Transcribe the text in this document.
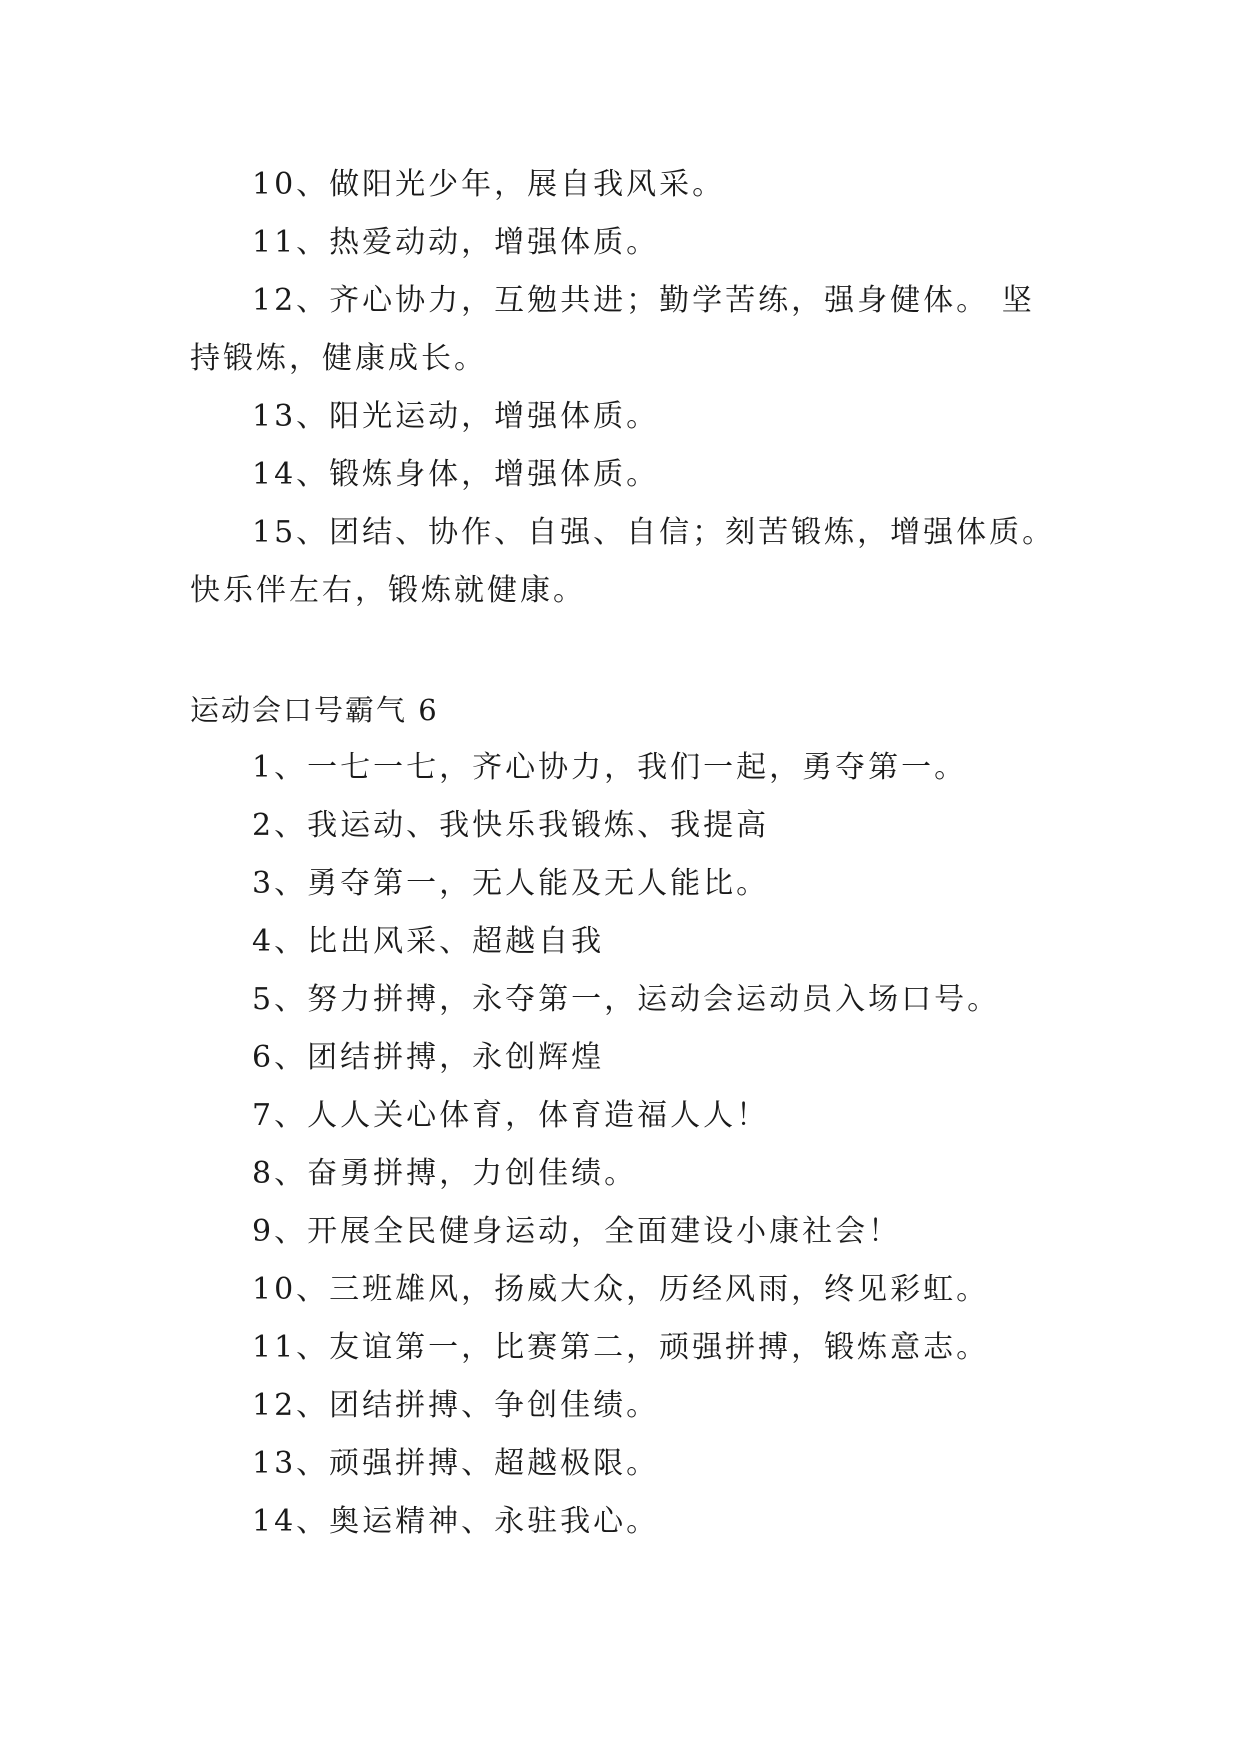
10、做阳光少年，展自我风采。
11、热爱动动，增强体质。
12、齐心协力，互勉共进；勤学苦练，强身健体。 坚
持锻炼，健康成长。
13、阳光运动，增强体质。
14、锻炼身体，增强体质。
15、团结、协作、自强、自信；刻苦锻炼，增强体质。
快乐伴左右，锻炼就健康。
运动会口号霸气 6
1、一七一七，齐心协力，我们一起，勇夺第一。
2、我运动、我快乐我锻炼、我提高
3、勇夺第一，无人能及无人能比。
4、比出风采、超越自我
5、努力拼搏，永夺第一，运动会运动员入场口号。
6、团结拼搏，永创辉煌
7、人人关心体育，体育造福人人！
8、奋勇拼搏，力创佳绩。
9、开展全民健身运动，全面建设小康社会！
10、三班雄风，扬威大众，历经风雨，终见彩虹。
11、友谊第一，比赛第二，顽强拼搏，锻炼意志。
12、团结拼搏、争创佳绩。
13、顽强拼搏、超越极限。
14、奥运精神、永驻我心。
